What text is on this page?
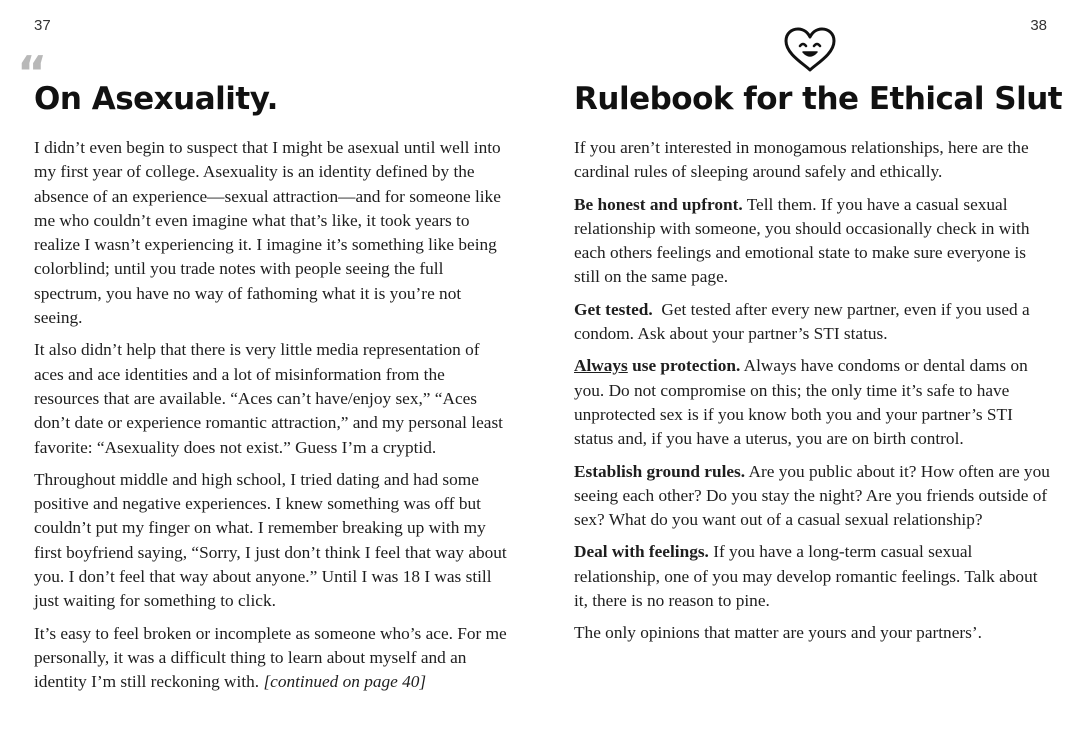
37
“
On Asexuality.

I didn’t even begin to suspect that I might be asexual until well into my first year of college. Asexuality is an identity defined by the absence of an experience—sexual attraction—and for someone like me who couldn’t even imagine what that’s like, it took years to realize I wasn’t experiencing it. I imagine it’s something like being colorblind; until you trade notes with people seeing the full spectrum, you have no way of fathoming what it is you’re not seeing.

It also didn’t help that there is very little media representation of aces and ace identities and a lot of misinformation from the resources that are available. “Aces can’t have/enjoy sex,” “Aces don’t date or experience romantic attraction,” and my personal least favorite: “Asexuality does not exist.” Guess I’m a cryptid.

Throughout middle and high school, I tried dating and had some positive and negative experiences. I knew something was off but couldn’t put my finger on what. I remember breaking up with my first boyfriend saying, “Sorry, I just don’t think I feel that way about you. I don’t feel that way about anyone.” Until I was 18 I was still just waiting for something to click.

It’s easy to feel broken or incomplete as someone who’s ace. For me personally, it was a difficult thing to learn about myself and an identity I’m still reckoning with. [continued on page 40]

38
Rulebook for the Ethical Slut

If you aren’t interested in monogamous relationships, here are the cardinal rules of sleeping around safely and ethically.

Be honest and upfront. Tell them. If you have a casual sexual relationship with someone, you should occasionally check in with each others feelings and emotional state to make sure everyone is still on the same page.

Get tested.  Get tested after every new partner, even if you used a condom. Ask about your partner’s STI status.

Always use protection. Always have condoms or dental dams on you. Do not compromise on this; the only time it’s safe to have unprotected sex is if you know both you and your partner’s STI status and, if you have a uterus, you are on birth control.

Establish ground rules. Are you public about it? How often are you seeing each other? Do you stay the night? Are you friends outside of sex? What do you want out of a casual sexual relationship?

Deal with feelings. If you have a long-term casual sexual relationship, one of you may develop romantic feelings. Talk about it, there is no reason to pine.

The only opinions that matter are yours and your partners’.
